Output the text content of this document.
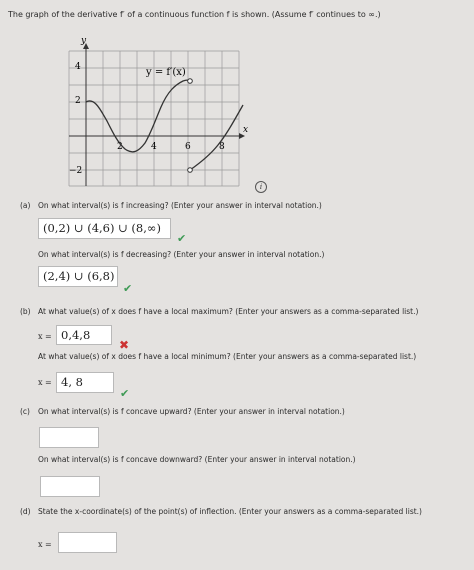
The graph of the derivative f′ of a continuous function f is shown. (Assume f′ continues to ∞.)
y
x
4
2
−2
2	4	6	8
y = f′(x)
i
(a) On what interval(s) is f increasing? (Enter your answer in interval notation.)
(0,2) ∪ (4,6) ∪ (8,∞)
✔
On what interval(s) is f decreasing? (Enter your answer in interval notation.)
(2,4) ∪ (6,8)
✔
(b) At what value(s) of x does f have a local maximum? (Enter your answers as a comma-separated list.)
x = 0,4,8
✖
At what value(s) of x does f have a local minimum? (Enter your answers as a comma-separated list.)
x = 4, 8
✔
(c) On what interval(s) is f concave upward? (Enter your answer in interval notation.)
On what interval(s) is f concave downward? (Enter your answer in interval notation.)
(d) State the x-coordinate(s) of the point(s) of inflection. (Enter your answers as a comma-separated list.)
x =
